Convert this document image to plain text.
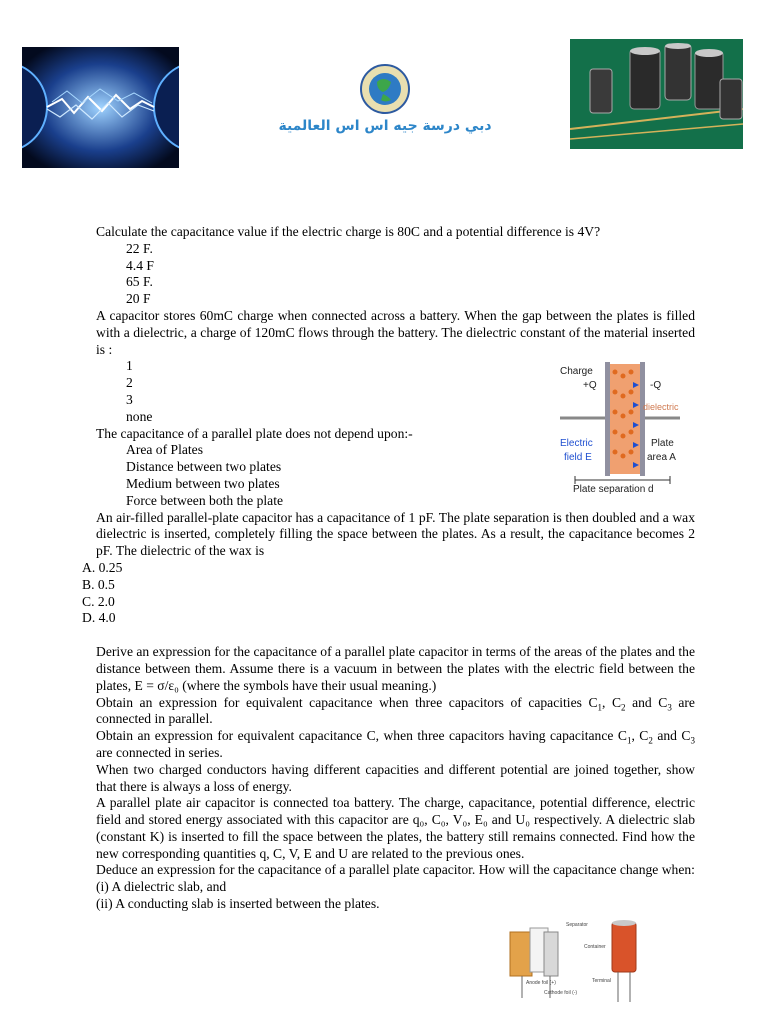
دبي درسة جيه اس اس العالمية

Calculate the capacitance value if the electric charge is 80C and a potential difference is 4V?

22 F.

4.4 F

65 F.

20 F

A capacitor stores 60mC charge when connected across a battery. When the gap between the plates is filled with a dielectric, a charge of 120mC flows through the battery. The dielectric constant of the material inserted is :

1

2

3

none

The capacitance of a parallel plate does not depend upon:-

Area of Plates

Distance between two plates

Medium between two plates

Force between both the plate

An air-filled parallel-plate capacitor has a capacitance of 1 pF. The plate separation is then doubled and a wax dielectric is inserted, completely filling the space between the plates. As a result, the capacitance becomes 2 pF. The dielectric of the wax is

A. 0.25

B. 0.5

C. 2.0

D. 4.0

Derive an expression for the capacitance of a parallel plate capacitor in terms of the areas of the plates and the distance between them. Assume there is a vacuum in between the plates with the electric field between the plates, E = σ/ε₀ (where the symbols have their usual meaning.)

Obtain an expression for equivalent capacitance when three capacitors of capacities $C_1$, $C_2$ and $C_3$ are connected in parallel.

Obtain an expression for equivalent capacitance C, when three capacitors having capacitance $C_1$, $C_2$ and $C_3$ are connected in series.

When two charged conductors having different capacities and different potential are joined together, show that there is always a loss of energy.

A parallel plate air capacitor is connected toa battery. The charge, capacitance, potential difference, electric field and stored energy associated with this capacitor are q₀, C₀, V₀, E₀ and U₀ respectively. A dielectric slab (constant K) is inserted to fill the space between the plates, the battery still remains connected. Find how the new corresponding quantities q, C, V, E and U are related to the previous ones.

Deduce an expression for the capacitance of a parallel plate capacitor. How will the capacitance change when:

(i) A dielectric slab, and

(ii) A conducting slab is inserted between the plates.

Charge
+Q	-Q
dielectric
Electric
field E
Plate
area A
Plate separation d
Separator
Container
Anode foil (+)
Cathode foil (-)
Terminal
